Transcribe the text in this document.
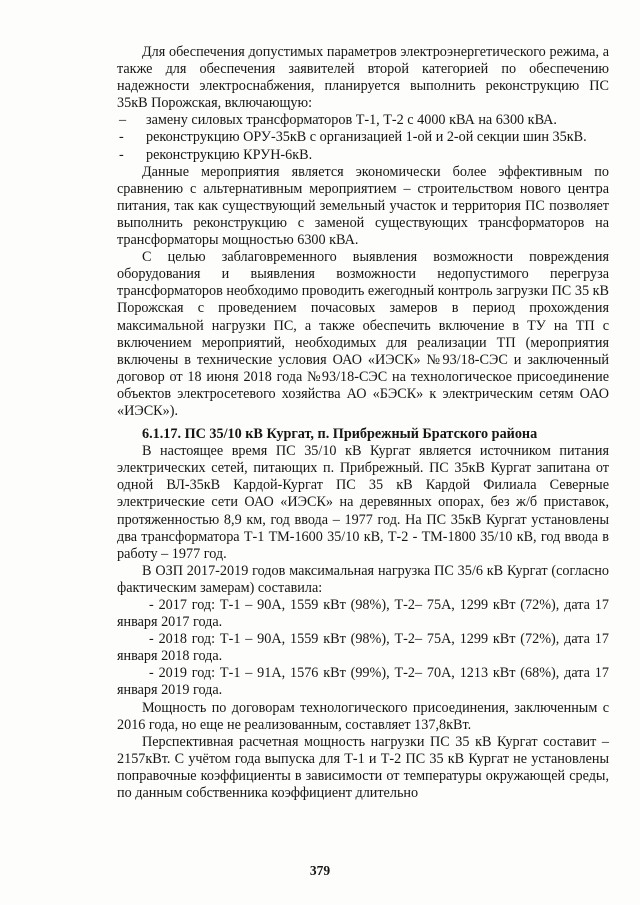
Для обеспечения допустимых параметров электроэнергетического режима, а также для обеспечения заявителей второй категорией по обеспечению надежности электроснабжения, планируется выполнить реконструкцию ПС 35кВ Порожская, включающую:

–	замену силовых трансформаторов Т-1, Т-2 с 4000 кВА на 6300 кВА.
-	реконструкцию ОРУ-35кВ с организацией 1-ой и 2-ой секции шин 35кВ.
-	реконструкцию КРУН-6кВ.

Данные мероприятия является экономически более эффективным по сравнению с альтернативным мероприятием – строительством нового центра питания, так как существующий земельный участок и территория ПС позволяет выполнить реконструкцию с заменой существующих трансформаторов на трансформаторы мощностью 6300 кВА.

С целью заблаговременного выявления возможности повреждения оборудования и выявления возможности недопустимого перегруза трансформаторов необходимо проводить ежегодный контроль загрузки ПС 35 кВ Порожская с проведением почасовых замеров в период прохождения максимальной нагрузки ПС, а также обеспечить включение в ТУ на ТП с включением мероприятий, необходимых для реализации ТП (мероприятия включены в технические условия ОАО «ИЭСК» №93/18-СЭС и заключенный договор от 18 июня 2018 года №93/18-СЭС на технологическое присоединение объектов электросетевого хозяйства АО «БЭСК» к электрическим сетям ОАО «ИЭСК»).

6.1.17. ПС 35/10 кВ Кургат, п. Прибрежный Братского района

В настоящее время ПС 35/10 кВ Кургат является источником питания электрических сетей, питающих п. Прибрежный. ПС 35кВ Кургат запитана от одной ВЛ-35кВ Кардой-Кургат ПС 35 кВ Кардой Филиала Северные электрические сети ОАО «ИЭСК» на деревянных опорах, без ж/б приставок, протяженностью 8,9 км, год ввода – 1977 год. На ПС 35кВ Кургат установлены два трансформатора Т-1 ТМ-1600 35/10 кВ, Т-2 - ТМ-1800 35/10 кВ, год ввода в работу – 1977 год.

В ОЗП 2017-2019 годов максимальная нагрузка ПС 35/6 кВ Кургат (согласно фактическим замерам) составила:

- 2017 год: Т-1 – 90А, 1559 кВт (98%), Т-2– 75А, 1299 кВт (72%), дата 17 января 2017 года.

- 2018 год: Т-1 – 90А, 1559 кВт (98%), Т-2– 75А, 1299 кВт (72%), дата 17 января 2018 года.

- 2019 год: Т-1 – 91А, 1576 кВт (99%), Т-2– 70А, 1213 кВт (68%), дата 17 января 2019 года.

Мощность по договорам технологического присоединения, заключенным с 2016 года, но еще не реализованным, составляет 137,8кВт.

Перспективная расчетная мощность нагрузки ПС 35 кВ Кургат составит – 2157кВт. С учётом года выпуска для Т-1 и Т-2 ПС 35 кВ Кургат не установлены поправочные коэффициенты в зависимости от температуры окружающей среды, по данным собственника коэффициент длительно

379
